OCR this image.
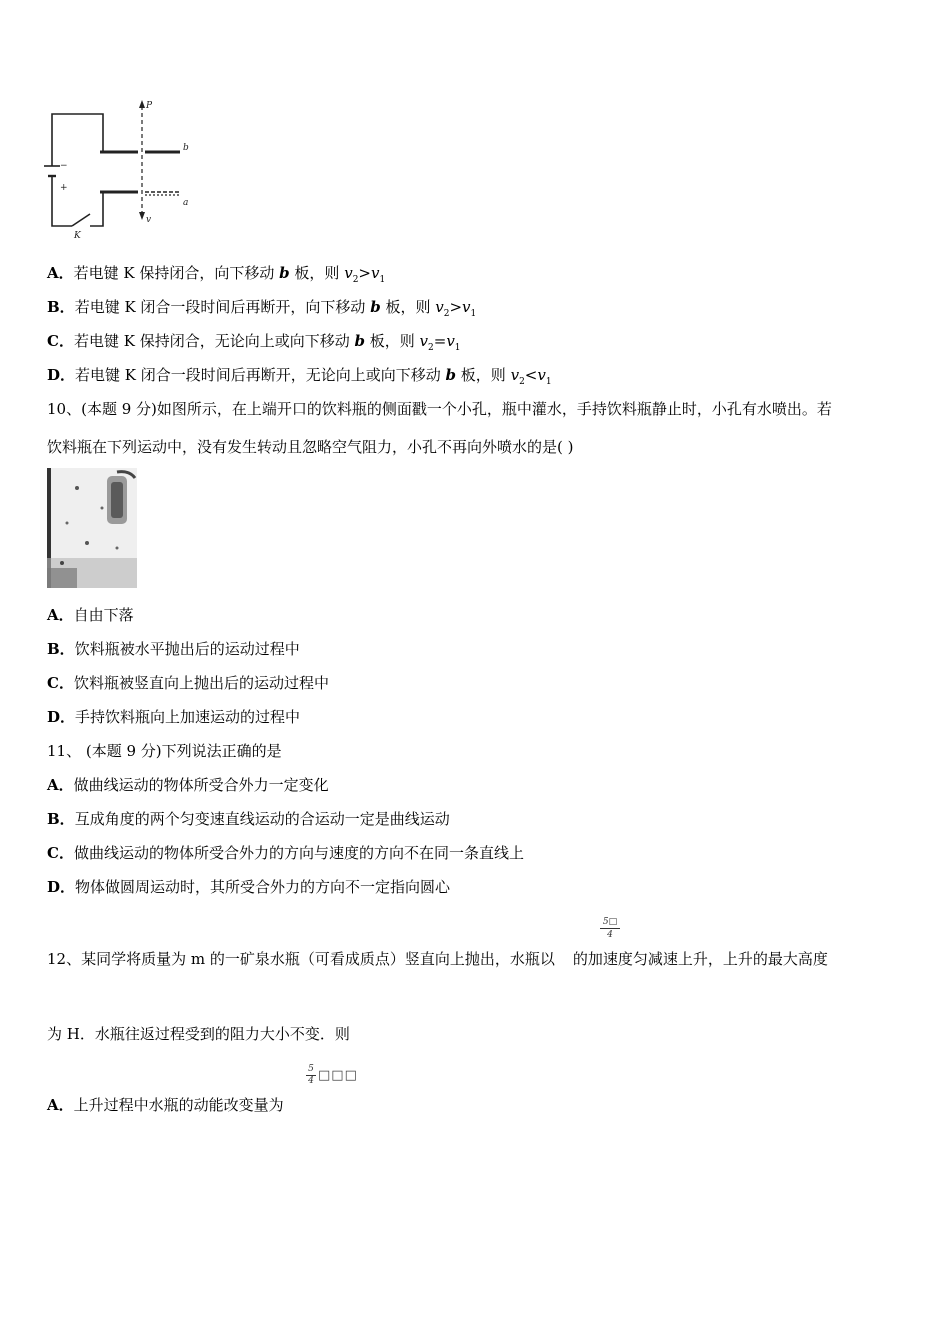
P
b
a
v
K
−
+
A．若电键 K 保持闭合，向下移动 b 板，则 $v_2>v_1$
B．若电键 K 闭合一段时间后再断开，向下移动 b 板，则 $v_2>v_1$
C．若电键 K 保持闭合，无论向上或向下移动 b 板，则 $v_2=v_1$
D．若电键 K 闭合一段时间后再断开，无论向上或向下移动 b 板，则 $v_2<v_1$
10、(本题 9 分)如图所示，在上端开口的饮料瓶的侧面戳一个小孔，瓶中灌水，手持饮料瓶静止时，小孔有水喷出。若
饮料瓶在下列运动中，没有发生转动且忽略空气阻力，小孔不再向外喷水的是( )
A．自由下落
B．饮料瓶被水平抛出后的运动过程中
C．饮料瓶被竖直向上抛出后的运动过程中
D．手持饮料瓶向上加速运动的过程中
11、 (本题 9 分)下列说法正确的是
A．做曲线运动的物体所受合外力一定变化
B．互成角度的两个匀变速直线运动的合运动一定是曲线运动
C．做曲线运动的物体所受合外力的方向与速度的方向不在同一条直线上
D．物体做圆周运动时，其所受合外力的方向不一定指向圆心
$\frac{5□}{4}$
12、某同学将质量为 m 的一矿泉水瓶（可看成质点）竖直向上抛出，水瓶以 的加速度匀减速上升，上升的最大高度
为 H．水瓶往返过程受到的阻力大小不变．则
$\frac{5}{4}$ □□□
A．上升过程中水瓶的动能改变量为
